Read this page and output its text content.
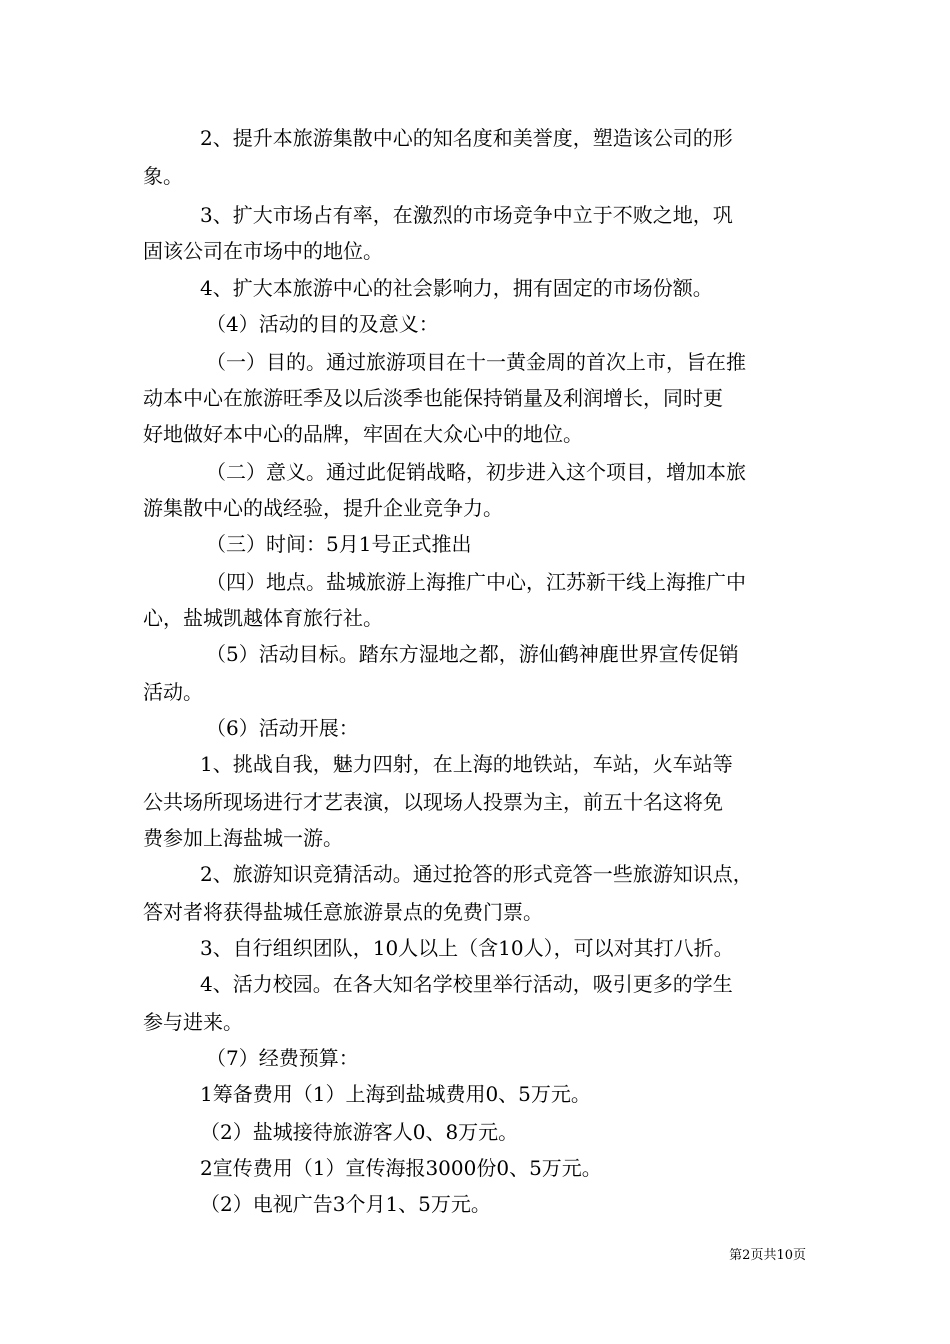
2、提升本旅游集散中心的知名度和美誉度，塑造该公司的形
象。
3、扩大市场占有率，在激烈的市场竞争中立于不败之地，巩
固该公司在市场中的地位。
4、扩大本旅游中心的社会影响力，拥有固定的市场份额。
（4）活动的目的及意义：
（一）目的。通过旅游项目在十一黄金周的首次上市，旨在推
动本中心在旅游旺季及以后淡季也能保持销量及利润增长，同时更
好地做好本中心的品牌，牢固在大众心中的地位。
（二）意义。通过此促销战略，初步进入这个项目，增加本旅
游集散中心的战经验，提升企业竞争力。
（三）时间：5月1号正式推出
（四）地点。盐城旅游上海推广中心，江苏新干线上海推广中
心，盐城凯越体育旅行社。
（5）活动目标。踏东方湿地之都，游仙鹤神鹿世界宣传促销
活动。
（6）活动开展：
1、挑战自我，魅力四射，在上海的地铁站，车站，火车站等
公共场所现场进行才艺表演，以现场人投票为主，前五十名这将免
费参加上海盐城一游。
2、旅游知识竞猜活动。通过抢答的形式竞答一些旅游知识点，
答对者将获得盐城任意旅游景点的免费门票。
3、自行组织团队，10人以上（含10人），可以对其打八折。
4、活力校园。在各大知名学校里举行活动，吸引更多的学生
参与进来。
（7）经费预算：
1筹备费用（1）上海到盐城费用0、5万元。
（2）盐城接待旅游客人0、8万元。
2宣传费用（1）宣传海报3000份0、5万元。
（2）电视广告3个月1、5万元。
第2页共10页
